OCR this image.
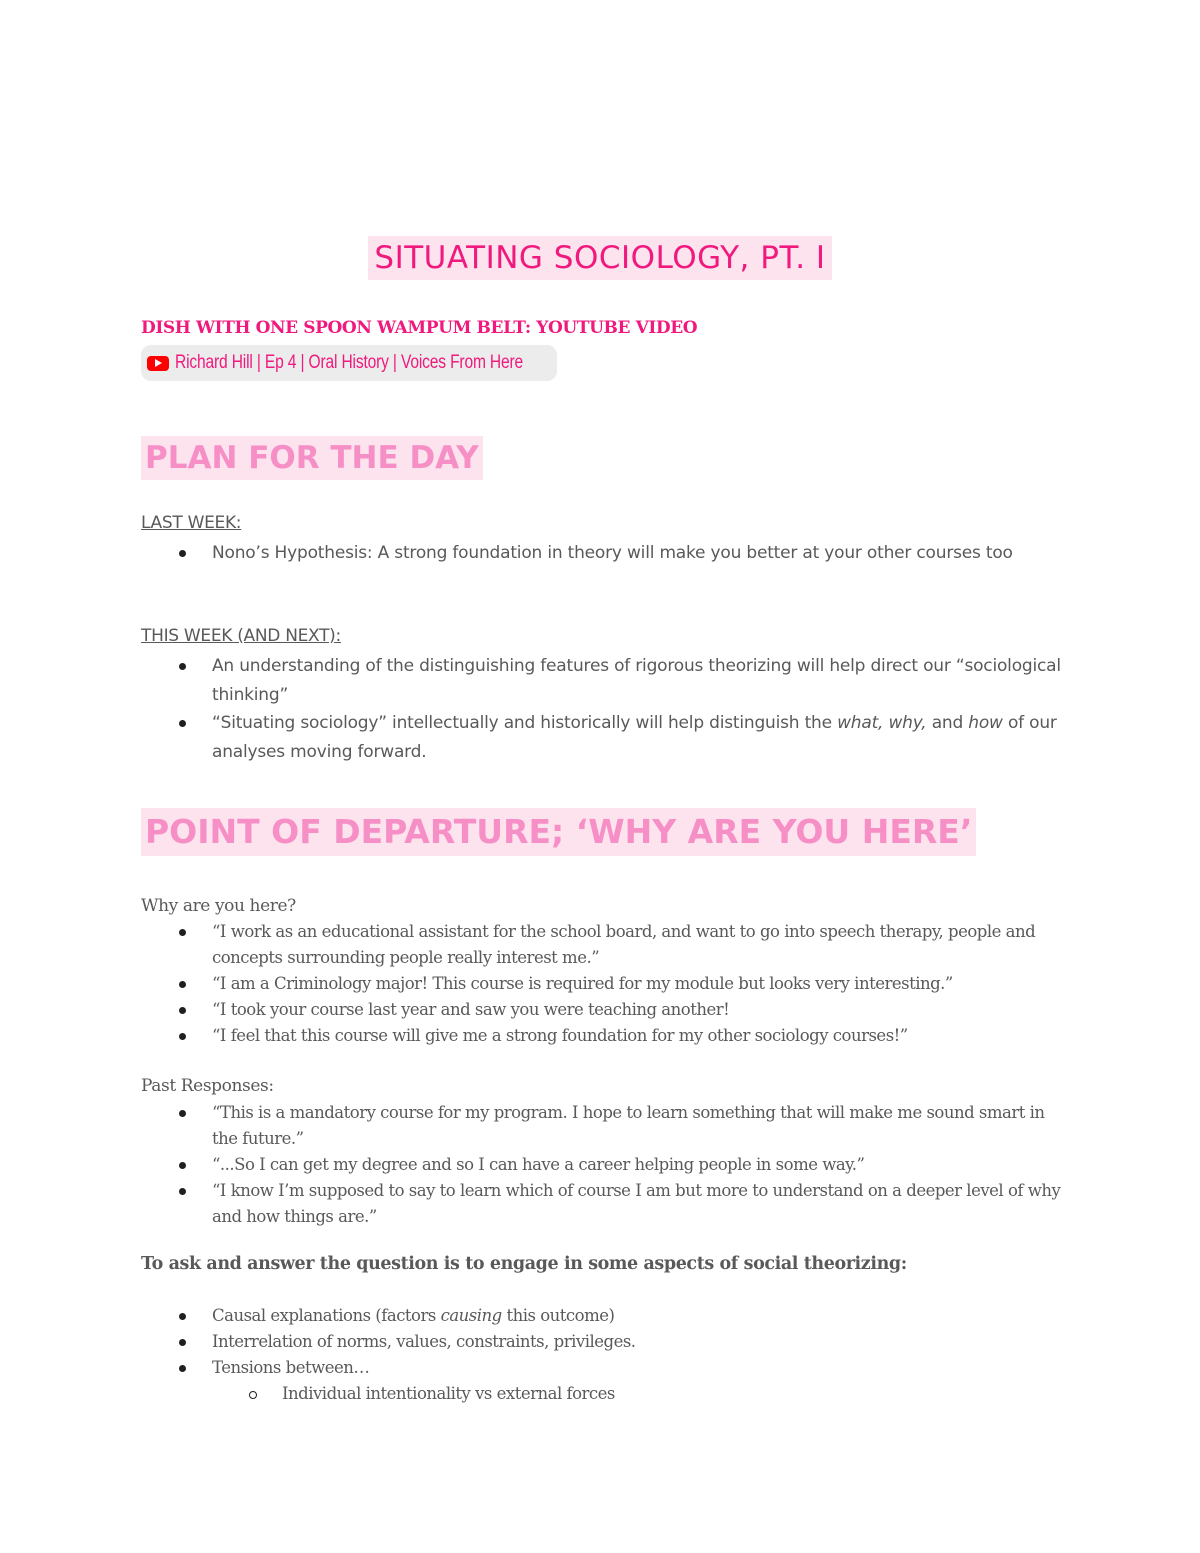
SITUATING SOCIOLOGY, PT. I
DISH WITH ONE SPOON WAMPUM BELT: YOUTUBE VIDEO
Richard Hill | Ep 4 | Oral History | Voices From Here
PLAN FOR THE DAY
LAST WEEK:
Nono’s Hypothesis: A strong foundation in theory will make you better at your other courses too
THIS WEEK (AND NEXT):
An understanding of the distinguishing features of rigorous theorizing will help direct our “sociological thinking”
“Situating sociology” intellectually and historically will help distinguish the what, why, and how of our analyses moving forward.
POINT OF DEPARTURE; ‘WHY ARE YOU HERE’
Why are you here?
“I work as an educational assistant for the school board, and want to go into speech therapy, people and concepts surrounding people really interest me.”
“I am a Criminology major! This course is required for my module but looks very interesting.”
“I took your course last year and saw you were teaching another!
“I feel that this course will give me a strong foundation for my other sociology courses!”
Past Responses:
“This is a mandatory course for my program. I hope to learn something that will make me sound smart in the future.”
“...So I can get my degree and so I can have a career helping people in some way.”
“I know I’m supposed to say to learn which of course I am but more to understand on a deeper level of why and how things are.”
To ask and answer the question is to engage in some aspects of social theorizing:
Causal explanations (factors causing this outcome)
Interrelation of norms, values, constraints, privileges.
Tensions between…
Individual intentionality vs external forces
